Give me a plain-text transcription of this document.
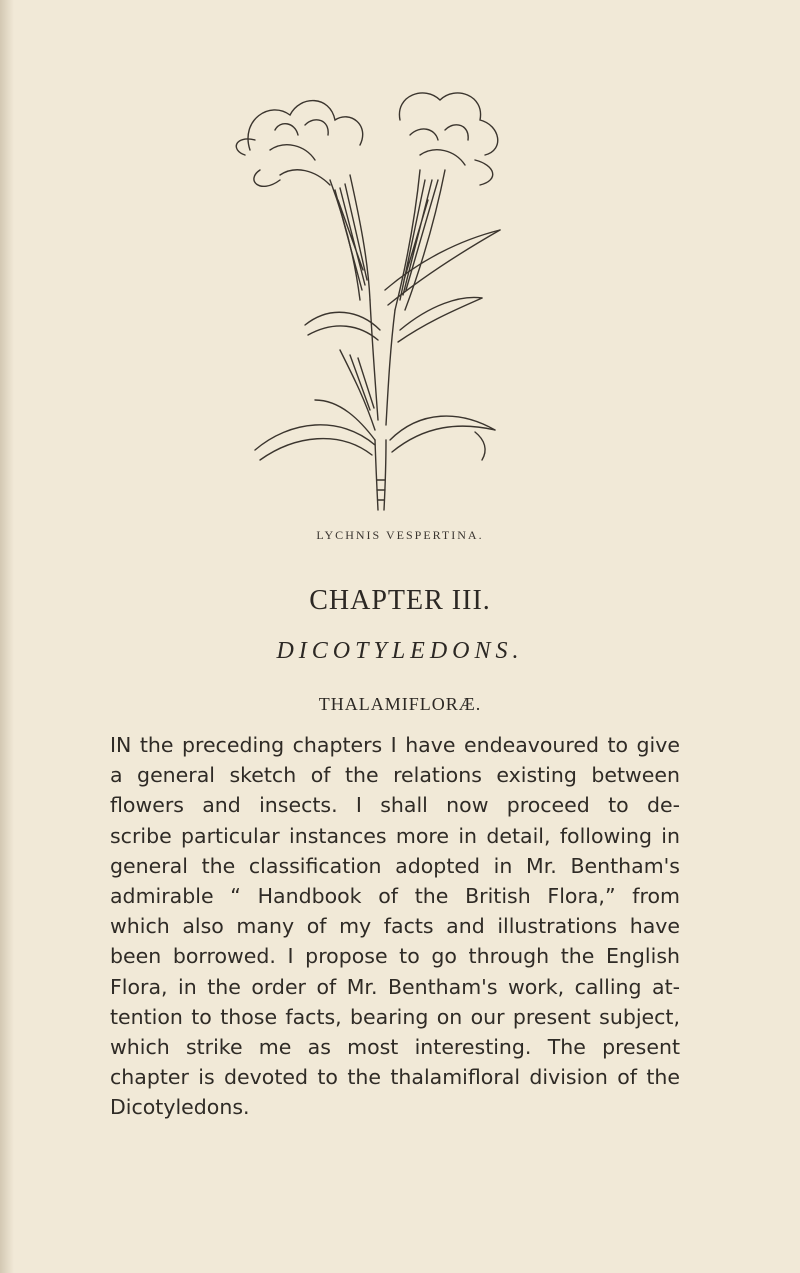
LYCHNIS VESPERTINA.
CHAPTER III.
DICOTYLEDONS.
THALAMIFLORÆ.

IN the preceding chapters I have endeavoured to give
a general sketch of the relations existing between
flowers and insects. I shall now proceed to de-
scribe particular instances more in detail, following in
general the classification adopted in Mr. Bentham's
admirable “ Handbook of the British Flora,” from
which also many of my facts and illustrations have
been borrowed. I propose to go through the English
Flora, in the order of Mr. Bentham's work, calling at-
tention to those facts, bearing on our present subject,
which strike me as most interesting. The present
chapter is devoted to the thalamifloral division of the
Dicotyledons.
